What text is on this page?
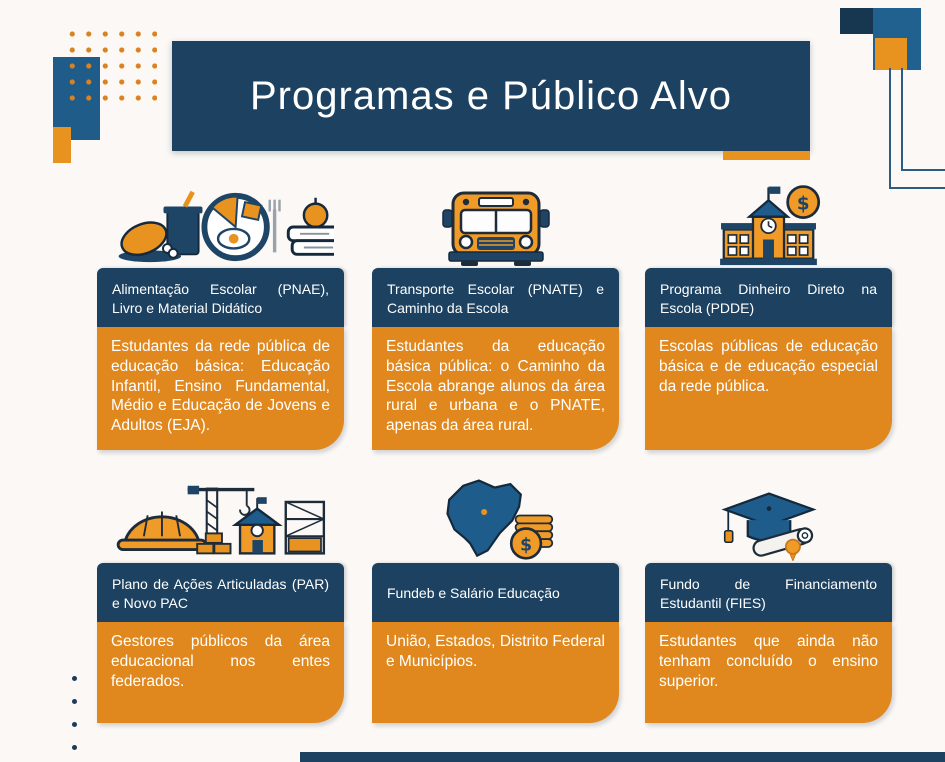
Programas e Público Alvo
Alimentação Escolar (PNAE), Livro e Material Didático
Estudantes da rede pública de educação básica: Educação Infantil, Ensino Fundamental, Médio e Educação de Jovens e Adultos (EJA).
Transporte Escolar (PNATE) e Caminho da Escola
Estudantes da educação básica pública: o Caminho da Escola abrange alunos da área rural e urbana e o PNATE, apenas da área rural.
$
Programa Dinheiro Direto na Escola (PDDE)
Escolas públicas de educação básica e de educação especial da rede pública.
Plano de Ações Articuladas (PAR) e Novo PAC
Gestores públicos da área educacional nos entes federados.
$
Fundeb e Salário Educação
União, Estados, Distrito Federal e Municípios.
Fundo de Financiamento Estudantil (FIES)
Estudantes que ainda não tenham concluído o ensino superior.
